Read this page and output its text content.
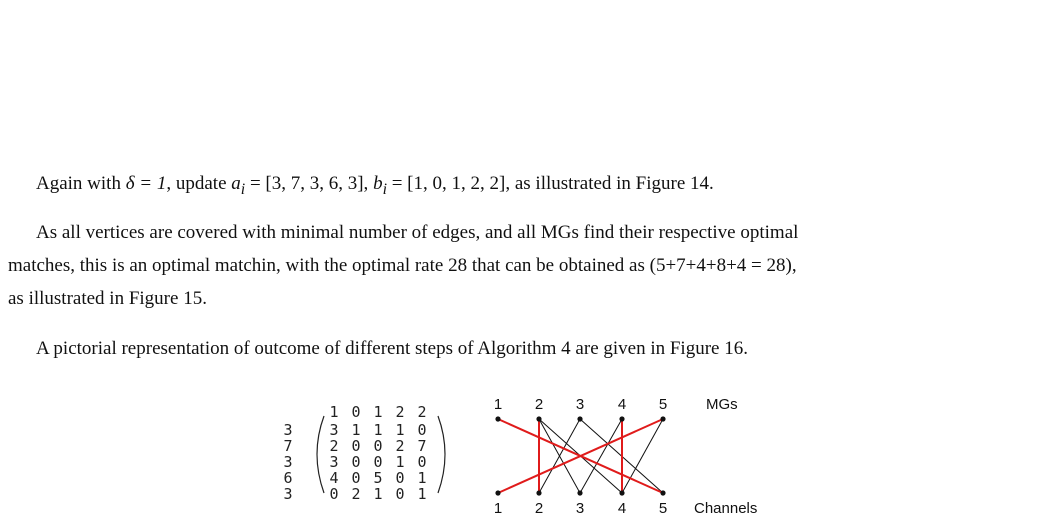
Again with δ = 1, update $a_i = [3$, 7, 3, 6, 3], $b_i = [1$, 0, 1, 2, 2], as illustrated in Figure 14.
As all vertices are covered with minimal number of edges, and all MGs find their respective optimal
matches, this is an optimal matchin, with the optimal rate 28 that can be obtained as (5+7+4+8+4 = 28),
as illustrated in Figure 15.
A pictorial representation of outcome of different steps of Algorithm 4 are given in Figure 16.
1 0 1 2 2
3
7
3
6
3
3 1 1 1 0
2 0 0 2 7
3 0 0 1 0
4 0 5 0 1
0 2 1 0 1
1 2 3 4 5
1 2 3 4 5
MGs
Channels
